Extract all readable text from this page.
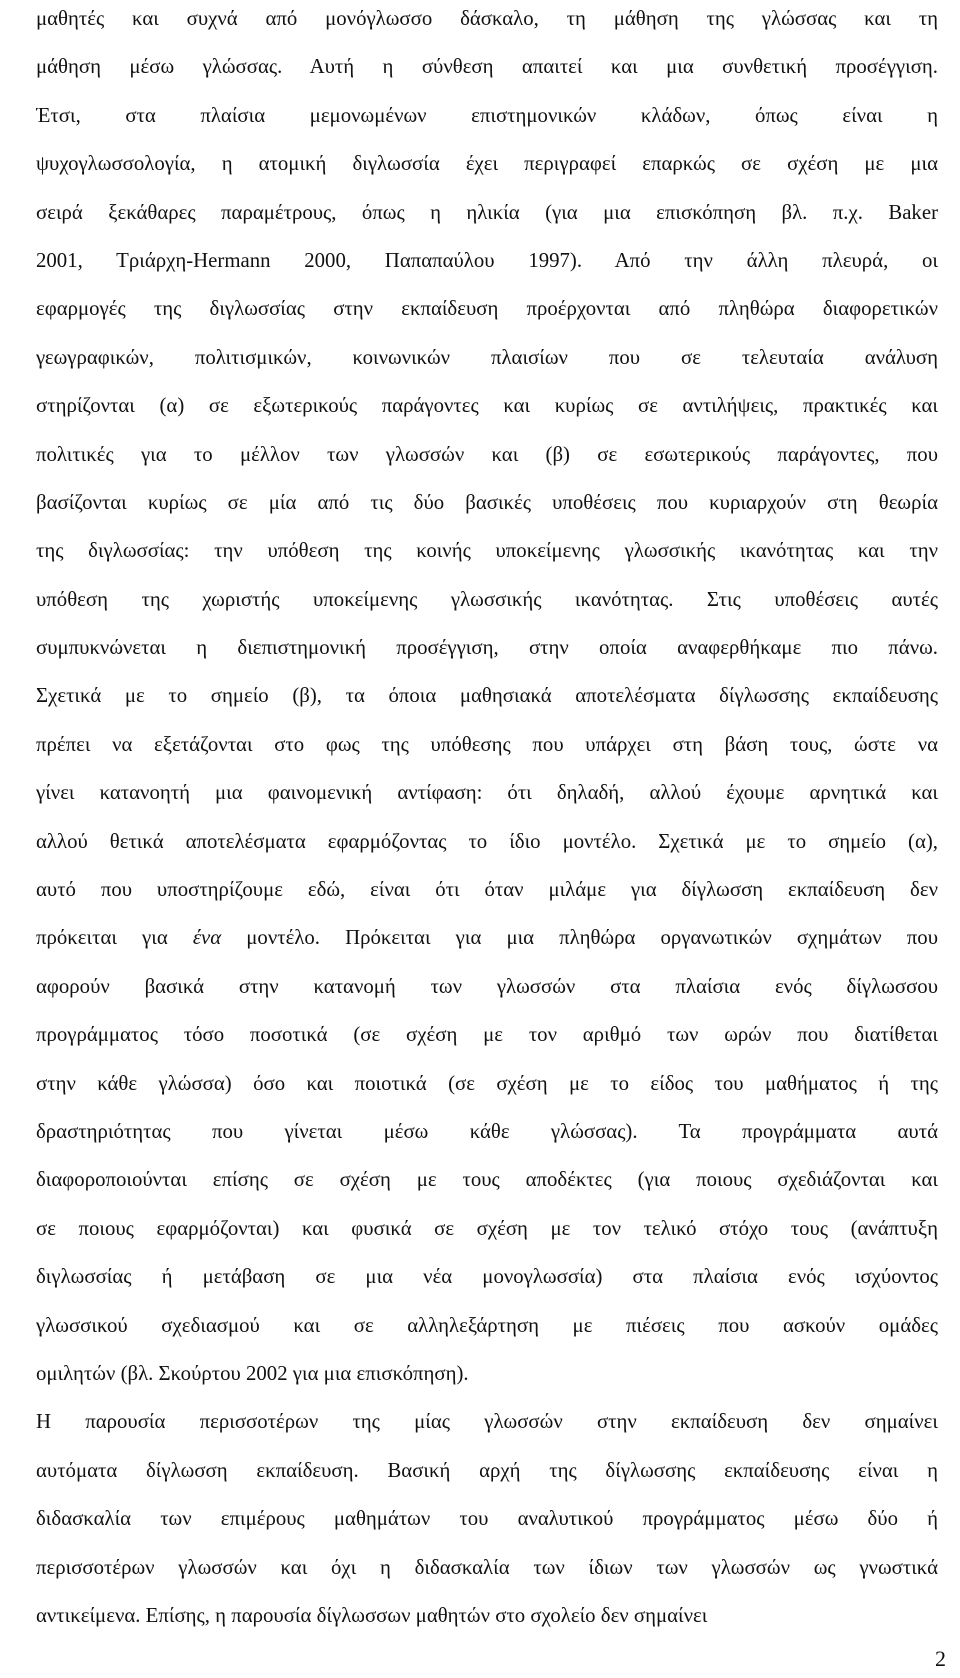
μαθητές και συχνά από μονόγλωσσο δάσκαλο, τη μάθηση της γλώσσας και τη
μάθηση μέσω γλώσσας. Αυτή η σύνθεση απαιτεί και μια συνθετική προσέγγιση.
Έτσι, στα πλαίσια μεμονωμένων επιστημονικών κλάδων, όπως είναι η
ψυχογλωσσολογία, η ατομική διγλωσσία έχει περιγραφεί επαρκώς σε σχέση με μια
σειρά ξεκάθαρες παραμέτρους, όπως η ηλικία (για μια επισκόπηση βλ. π.χ. Baker
2001, Τριάρχη-Hermann 2000, Παπαπαύλου 1997). Από την άλλη πλευρά, οι
εφαρμογές της διγλωσσίας στην εκπαίδευση προέρχονται από πληθώρα διαφορετικών
γεωγραφικών, πολιτισμικών, κοινωνικών πλαισίων που σε τελευταία ανάλυση
στηρίζονται (α) σε εξωτερικούς παράγοντες και κυρίως σε αντιλήψεις, πρακτικές και
πολιτικές για το μέλλον των γλωσσών και (β) σε εσωτερικούς παράγοντες, που
βασίζονται κυρίως σε μία από τις δύο βασικές υποθέσεις που κυριαρχούν στη θεωρία
της διγλωσσίας: την υπόθεση της κοινής υποκείμενης γλωσσικής ικανότητας και την
υπόθεση της χωριστής υποκείμενης γλωσσικής ικανότητας. Στις υποθέσεις αυτές
συμπυκνώνεται η διεπιστημονική προσέγγιση, στην οποία αναφερθήκαμε πιο πάνω.
Σχετικά με το σημείο (β), τα όποια μαθησιακά αποτελέσματα δίγλωσσης εκπαίδευσης
πρέπει να εξετάζονται στο φως της υπόθεσης που υπάρχει στη βάση τους, ώστε να
γίνει κατανοητή μια φαινομενική αντίφαση: ότι δηλαδή, αλλού έχουμε αρνητικά και
αλλού θετικά αποτελέσματα εφαρμόζοντας το ίδιο μοντέλο. Σχετικά με το σημείο (α),
αυτό που υποστηρίζουμε εδώ, είναι ότι όταν μιλάμε για δίγλωσση εκπαίδευση δεν
πρόκειται για ένα μοντέλο. Πρόκειται για μια πληθώρα οργανωτικών σχημάτων που
αφορούν βασικά στην κατανομή των γλωσσών στα πλαίσια ενός δίγλωσσου
προγράμματος τόσο ποσοτικά (σε σχέση με τον αριθμό των ωρών που διατίθεται
στην κάθε γλώσσα) όσο και ποιοτικά (σε σχέση με το είδος του μαθήματος ή της
δραστηριότητας που γίνεται μέσω κάθε γλώσσας). Τα προγράμματα αυτά
διαφοροποιούνται επίσης σε σχέση με τους αποδέκτες (για ποιους σχεδιάζονται και
σε ποιους εφαρμόζονται) και φυσικά σε σχέση με τον τελικό στόχο τους (ανάπτυξη
διγλωσσίας ή μετάβαση σε μια νέα μονογλωσσία) στα πλαίσια ενός ισχύοντος
γλωσσικού σχεδιασμού και σε αλληλεξάρτηση με πιέσεις που ασκούν ομάδες
ομιλητών (βλ. Σκούρτου 2002 για μια επισκόπηση).
Η παρουσία περισσοτέρων της μίας γλωσσών στην εκπαίδευση δεν σημαίνει
αυτόματα δίγλωσση εκπαίδευση. Βασική αρχή της δίγλωσσης εκπαίδευσης είναι η
διδασκαλία των επιμέρους μαθημάτων του αναλυτικού προγράμματος μέσω δύο ή
περισσοτέρων γλωσσών και όχι η διδασκαλία των ίδιων των γλωσσών ως γνωστικά
αντικείμενα. Επίσης, η παρουσία δίγλωσσων μαθητών στο σχολείο δεν σημαίνει
2
